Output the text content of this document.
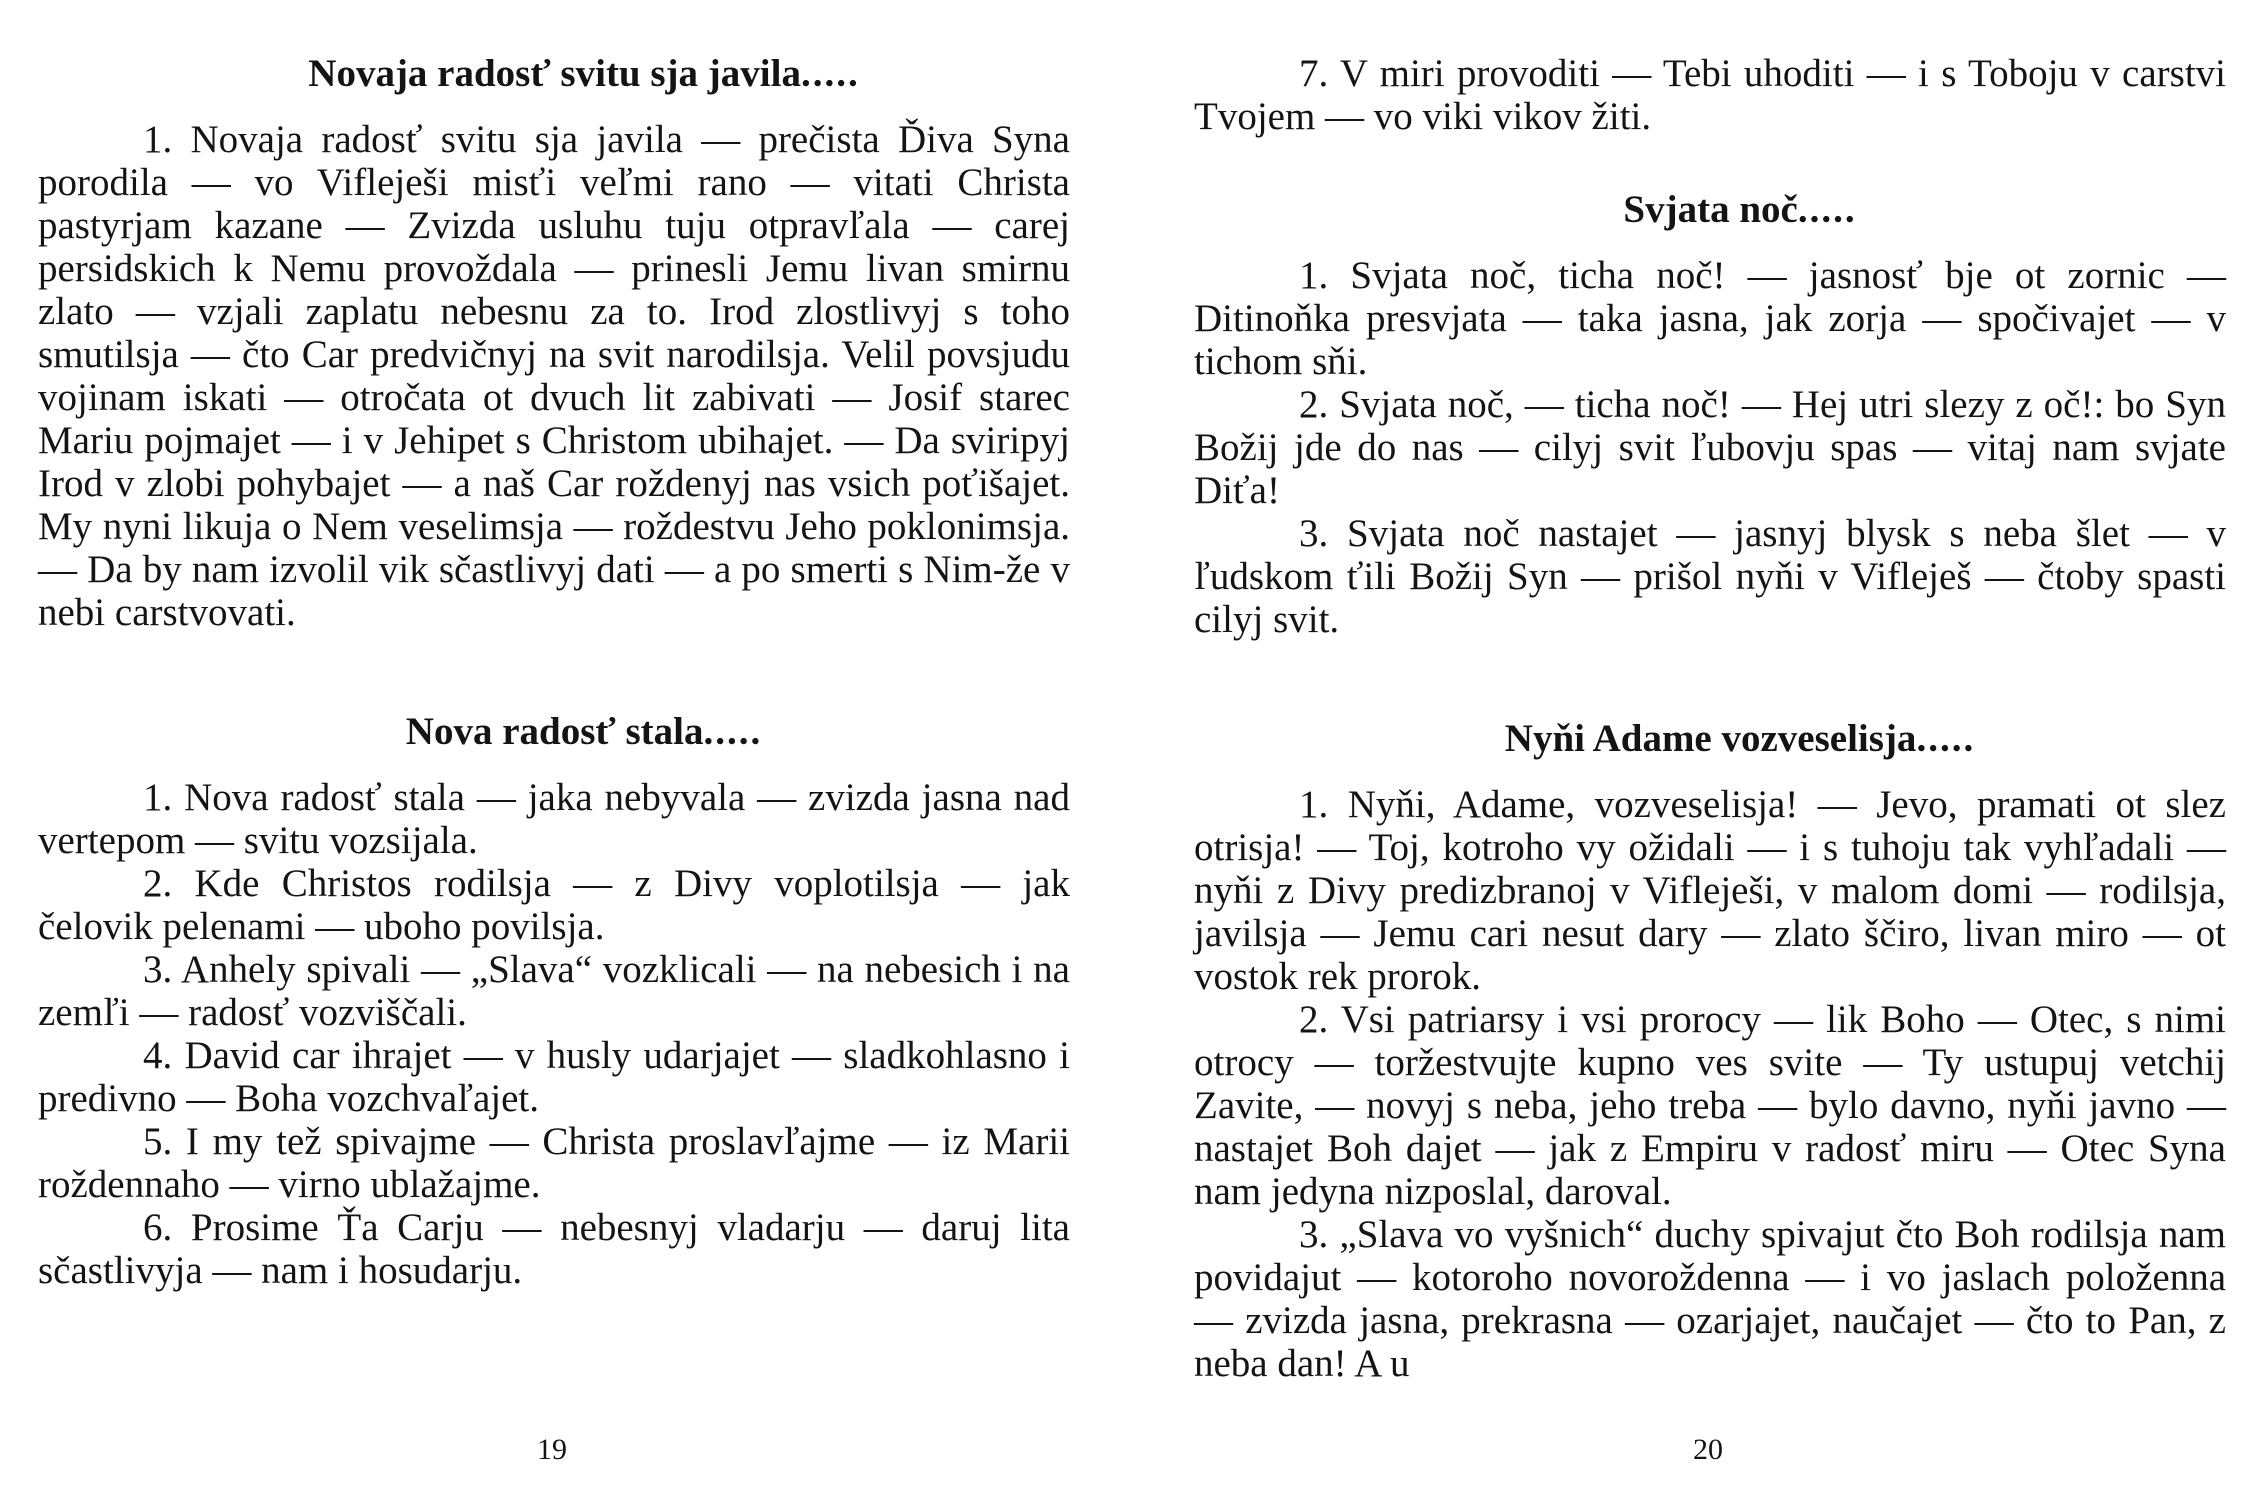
Novaja radosť svitu sja javila.....

1. Novaja radosť svitu sja javila — prečista Ďiva Syna porodila — vo Vifleješi misťi veľmi rano — vitati Christa pastyrjam kazane — Zvizda usluhu tuju otpravľala — carej persidskich k Nemu provoždala — prinesli Jemu livan smirnu zlato — vzjali zaplatu nebesnu za to. Irod zlostlivyj s toho smutilsja — čto Car predvičnyj na svit narodilsja. Velil povsjudu vojinam iskati — otročata ot dvuch lit zabivati — Josif starec Mariu pojmajet — i v Jehipet s Christom ubihajet. — Da sviripyj Irod v zlobi pohybajet — a naš Car roždenyj nas vsich poťišajet. My nyni likuja o Nem veselimsja — roždestvu Jeho poklonimsja. — Da by nam izvolil vik sčastlivyj dati — a po smerti s Nim-že v nebi carstvovati.

Nova radosť stala.....

1. Nova radosť stala — jaka nebyvala — zvizda jasna nad vertepom — svitu vozsijala.

2. Kde Christos rodilsja — z Divy voplotilsja — jak čelovik pelenami — uboho povilsja.

3. Anhely spivali — „Slava“ vozklicali — na nebesich i na zemľi — radosť vozviščali.

4. David car ihrajet — v husly udarjajet — sladkohlasno i predivno — Boha vozchvaľajet.

5. I my tež spivajme — Christa proslavľajme — iz Marii roždennaho — virno ublažajme.

6. Prosime Ťa Carju — nebesnyj vladarju — daruj lita sčastlivyja — nam i hosudarju.

19

7. V miri provoditi — Tebi uhoditi — i s Toboju v carstvi Tvojem — vo viki vikov žiti.

Svjata noč.....

1. Svjata noč, ticha noč! — jasnosť bje ot zornic — Ditinoňka presvjata — taka jasna, jak zorja — spočivajet — v tichom sňi.

2. Svjata noč, — ticha noč! — Hej utri slezy z oč!: bo Syn Božij jde do nas — cilyj svit ľubovju spas — vitaj nam svjate Diťa!

3. Svjata noč nastajet — jasnyj blysk s neba šlet — v ľudskom ťili Božij Syn — prišol nyňi v Vifleješ — čtoby spasti cilyj svit.

Nyňi Adame vozveselisja.....

1. Nyňi, Adame, vozveselisja! — Jevo, pramati ot slez otrisja! — Toj, kotroho vy ožidali — i s tuhoju tak vyhľadali — nyňi z Divy predizbranoj v Vifleješi, v malom domi — rodilsja, javilsja — Jemu cari nesut dary — zlato ščiro, livan miro — ot vostok rek prorok.

2. Vsi patriarsy i vsi proroсy — lik Boho — Otec, s nimi otrocy — toržestvujte kupno ves svite — Ty ustupuj vetchij Zavite, — novyj s neba, jeho treba — bylo davno, nyňi javno — nastajet Boh dajet — jak z Empiru v radosť miru — Otec Syna nam jedyna nizposlal, daroval.

3. „Slava vo vyšnich“ duchy spivajut čto Boh rodilsja nam povidajut — kotoroho novoroždenna — i vo jaslach položenna — zvizda jasna, prekrasna — ozarjajet, naučajet — čto to Pan, z neba dan! A u

20
